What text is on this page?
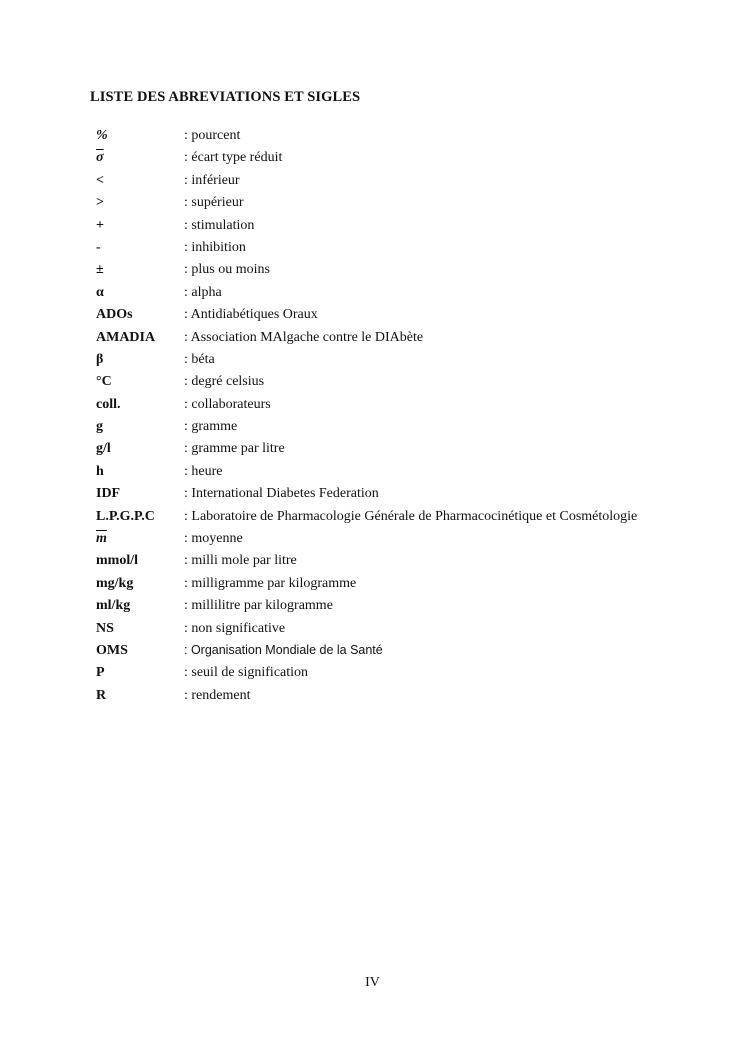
LISTE DES ABREVIATIONS ET SIGLES
%	: pourcent
$\overline{\sigma}$	: écart type réduit
<	: inférieur
>	: supérieur
+	: stimulation
-	: inhibition
±	: plus ou moins
α	: alpha
ADOs	: Antidiabétiques Oraux
AMADIA	: Association MAlgache contre le DIAbète
β	: béta
°C	: degré celsius
coll.	: collaborateurs
g	: gramme
g/l	: gramme par litre
h	: heure
IDF	: International Diabetes Federation
L.P.G.P.C	: Laboratoire de Pharmacologie Générale de Pharmacocinétique et Cosmétologie
$\overline{m}$	: moyenne
mmol/l	: milli mole par litre
mg/kg	: milligramme par kilogramme
ml/kg	: millilitre par kilogramme
NS	: non significative
OMS	: Organisation Mondiale de la Santé
P	: seuil de signification
R	: rendement
IV
